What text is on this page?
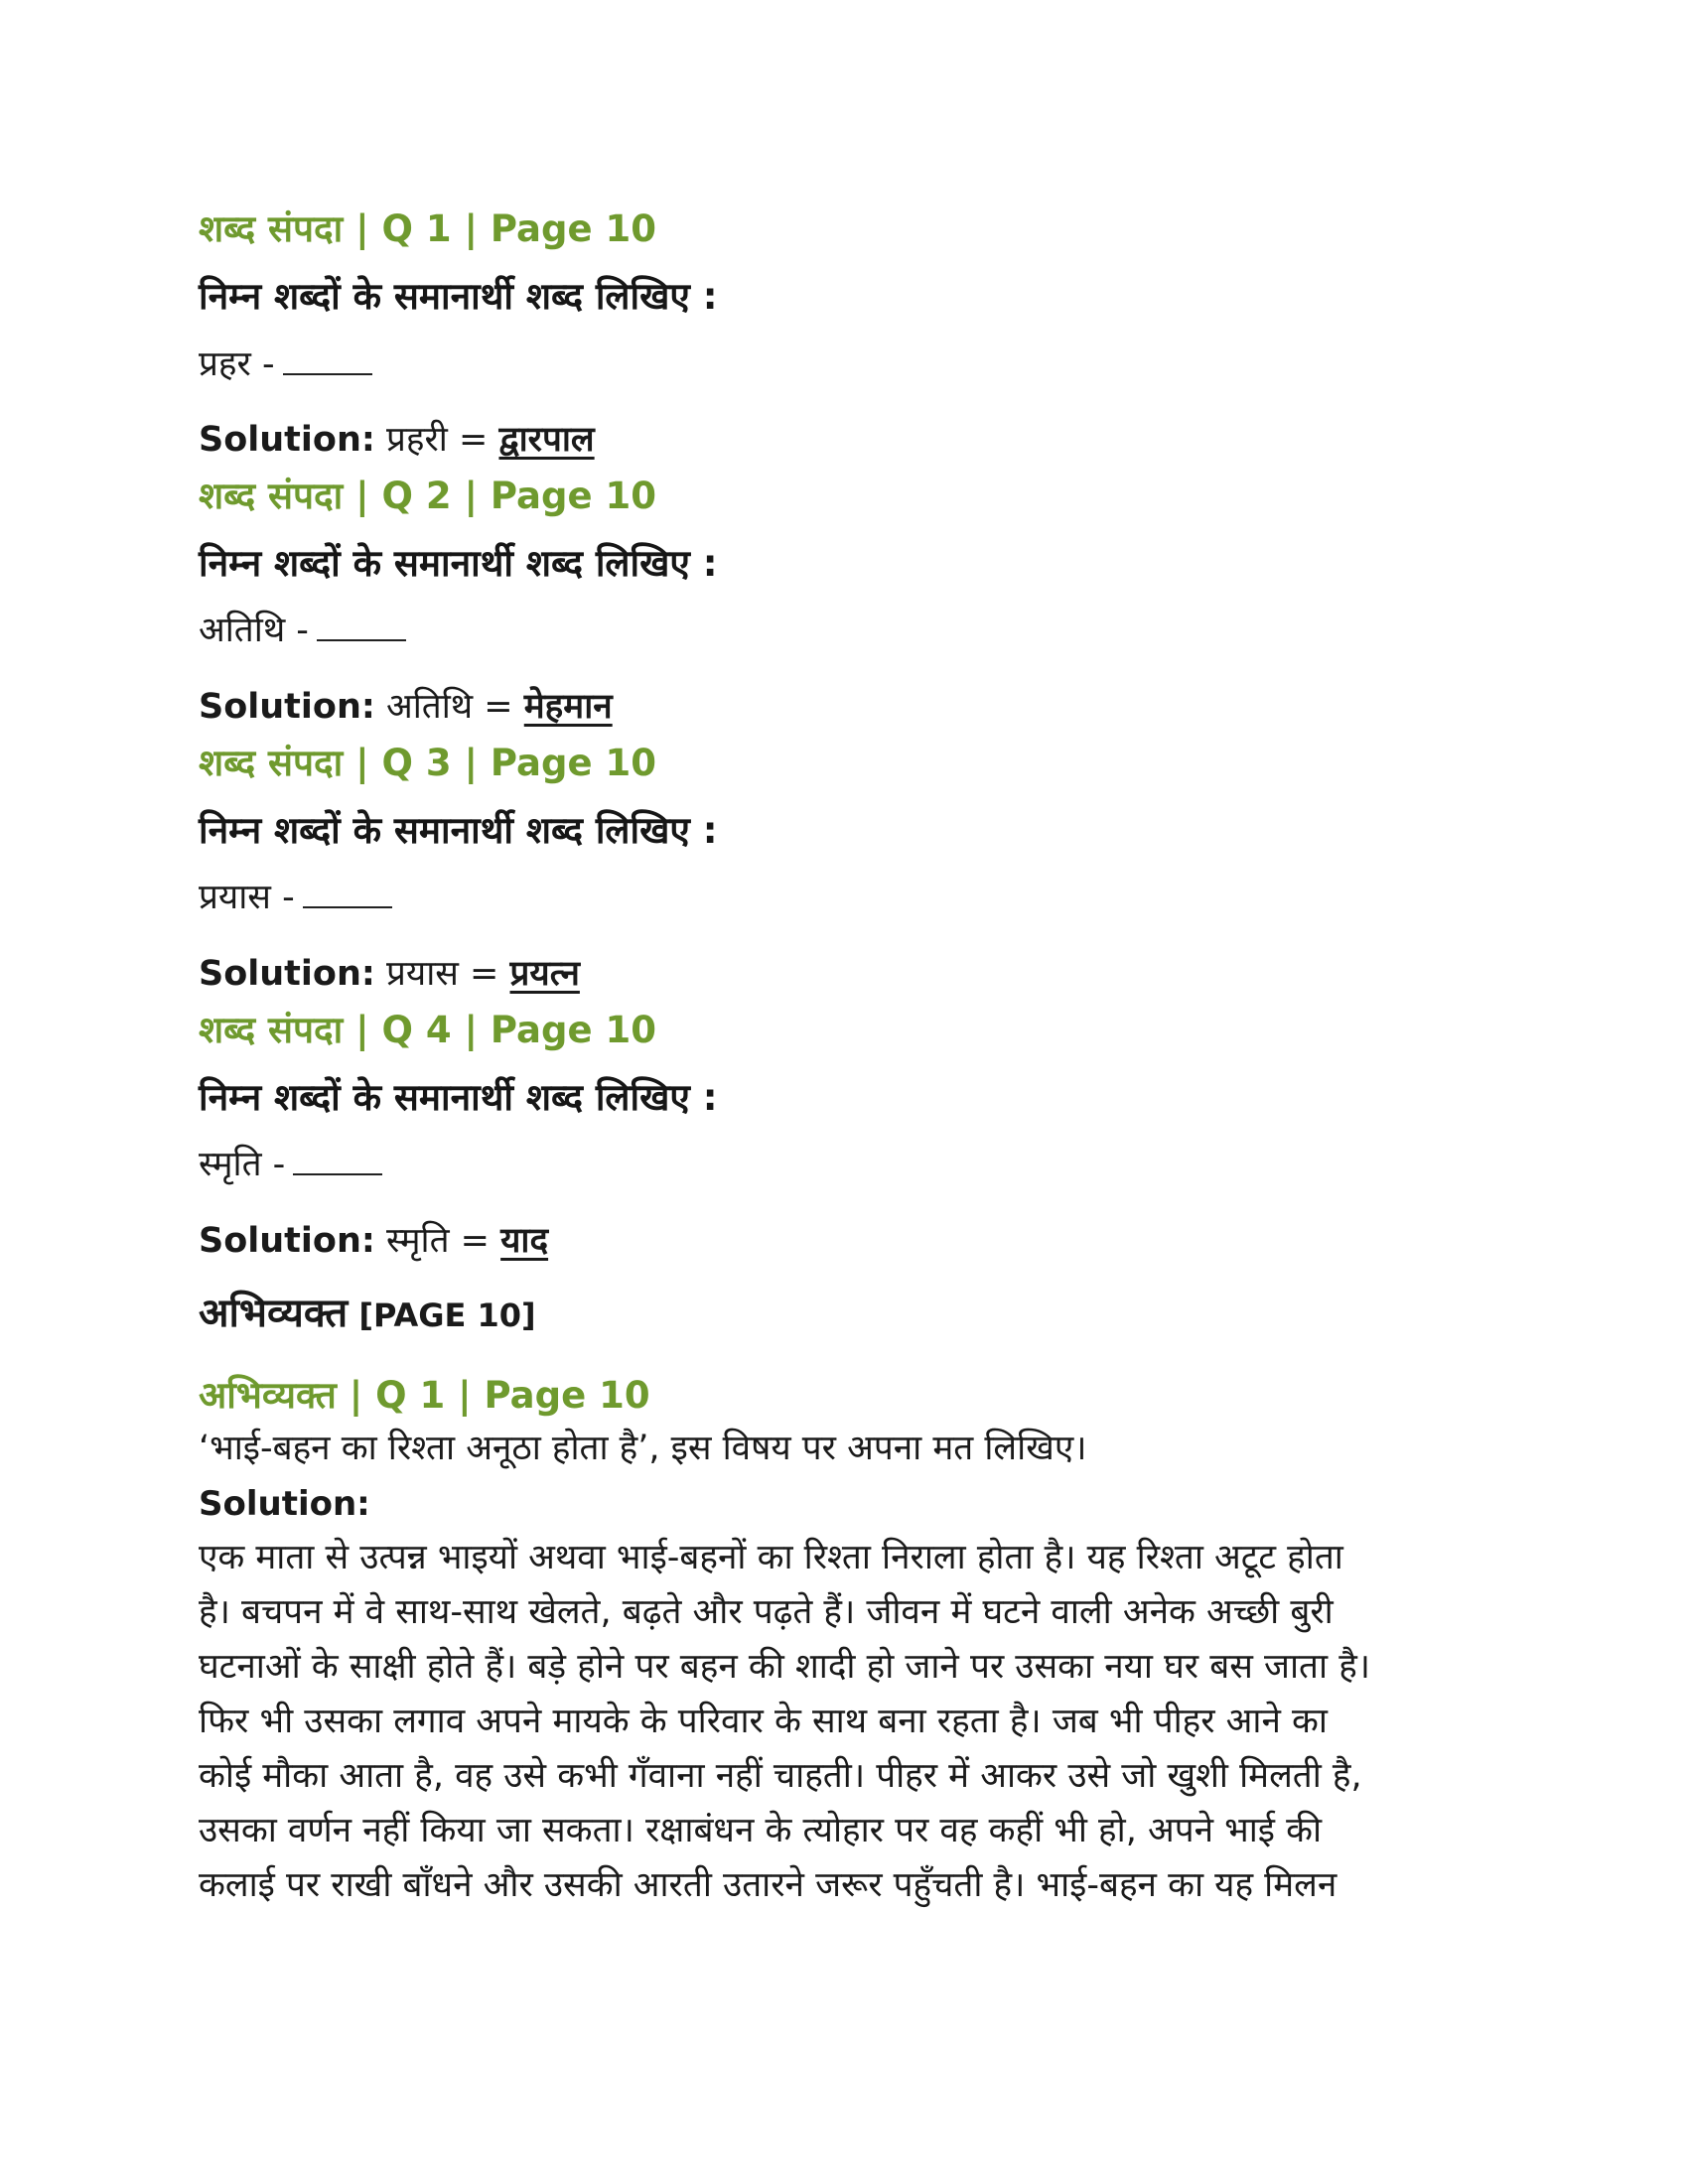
शब्द संपदा | Q 1 | Page 10
निम्न शब्दों के समानार्थी शब्द लिखिए :
प्रहर -
Solution: प्रहरी = द्वारपाल
शब्द संपदा | Q 2 | Page 10
निम्न शब्दों के समानार्थी शब्द लिखिए :
अतिथि -
Solution: अतिथि = मेहमान
शब्द संपदा | Q 3 | Page 10
निम्न शब्दों के समानार्थी शब्द लिखिए :
प्रयास -
Solution: प्रयास = प्रयत्न
शब्द संपदा | Q 4 | Page 10
निम्न शब्दों के समानार्थी शब्द लिखिए :
स्मृति -
Solution: स्मृति = याद
अभिव्यक्त [PAGE 10]
अभिव्यक्त | Q 1 | Page 10
‘भाई-बहन का रिश्ता अनूठा होता है’, इस विषय पर अपना मत लिखिए।
Solution:
एक माता से उत्पन्न भाइयों अथवा भाई-बहनों का रिश्ता निराला होता है। यह रिश्ता अटूट होता
है। बचपन में वे साथ-साथ खेलते, बढ़ते और पढ़ते हैं। जीवन में घटने वाली अनेक अच्छी बुरी
घटनाओं के साक्षी होते हैं। बड़े होने पर बहन की शादी हो जाने पर उसका नया घर बस जाता है।
फिर भी उसका लगाव अपने मायके के परिवार के साथ बना रहता है। जब भी पीहर आने का
कोई मौका आता है, वह उसे कभी गँवाना नहीं चाहती। पीहर में आकर उसे जो खुशी मिलती है,
उसका वर्णन नहीं किया जा सकता। रक्षाबंधन के त्योहार पर वह कहीं भी हो, अपने भाई की
कलाई पर राखी बाँधने और उसकी आरती उतारने जरूर पहुँचती है। भाई-बहन का यह मिलन
